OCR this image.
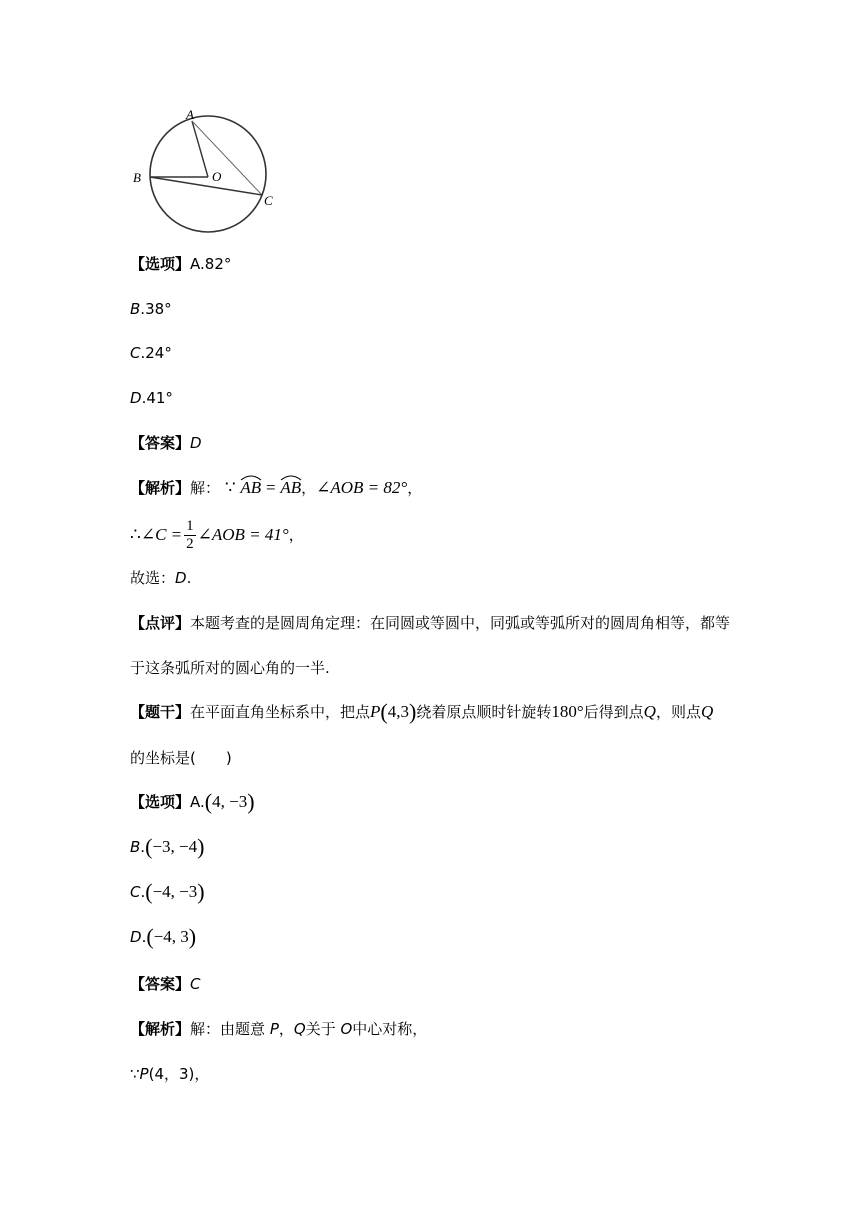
A
B	O
C
【选项】A.82°
B.38°
C.24°
D.41°
【答案】D
【解析】解： ∵ AB = AB，∠AOB = 82°，
∴∠C = $\frac{1}{2}$ ∠AOB = 41°，
故选：D.
【点评】本题考查的是圆周角定理：在同圆或等圆中，同弧或等弧所对的圆周角相等，都等
于这条弧所对的圆心角的一半.
【题干】在平面直角坐标系中，把点P(4,3)绕着原点顺时针旋转180°后得到点Q，则点Q
的坐标是(　　)
【选项】A.(4, −3)
B.(−3, −4)
C.(−4, −3)
D.(−4, 3)
【答案】C
【解析】解：由题意 P，Q关于 O中心对称，
∵P(4，3)，
